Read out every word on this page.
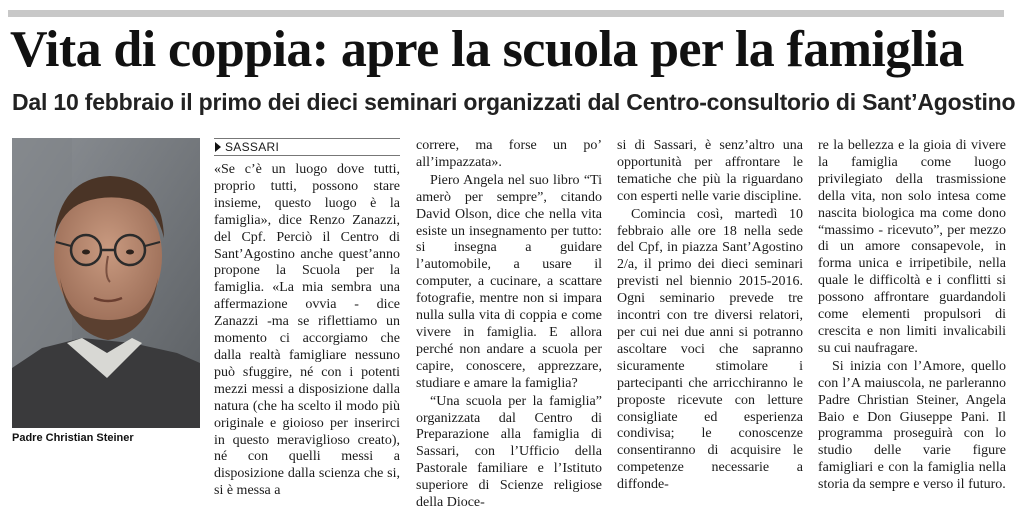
Vita di coppia: apre la scuola per la famiglia
Dal 10 febbraio il primo dei dieci seminari organizzati dal Centro-consultorio di Sant’Agostino
Padre Christian Steiner
SASSARI

«Se c’è un luogo dove tutti, proprio tutti, possono stare insieme, questo luogo è la famiglia», dice Renzo Zanazzi, del Cpf. Perciò il Centro di Sant’Agostino anche quest’anno propone la Scuola per la famiglia. «La mia sembra una affermazione ovvia - dice Zanazzi -ma se riflettiamo un momento ci accorgiamo che dalla realtà famigliare nessuno può sfuggire, né con i potenti mezzi messi a disposizione dalla natura (che ha scelto il modo più originale e gioioso per inserirci in questo meraviglioso creato), né con quelli messi a disposizione dalla scienza che si, si è messa a

correre, ma forse un po’ all’impazzata».

Piero Angela nel suo libro “Ti amerò per sempre”, citando David Olson, dice che nella vita esiste un insegnamento per tutto: si insegna a guidare l’automobile, a usare il computer, a cucinare, a scattare fotografie, mentre non si impara nulla sulla vita di coppia e come vivere in famiglia. E allora perché non andare a scuola per capire, conoscere, apprezzare, studiare e amare la famiglia?

“Una scuola per la famiglia” organizzata dal Centro di Preparazione alla famiglia di Sassari, con l’Ufficio della Pastorale familiare e l’Istituto superiore di Scienze religiose della Dioce-

si di Sassari, è senz’altro una opportunità per affrontare le tematiche che più la riguardano con esperti nelle varie discipline.

Comincia così, martedì 10 febbraio alle ore 18 nella sede del Cpf, in piazza Sant’Agostino 2/a, il primo dei dieci seminari previsti nel biennio 2015-2016. Ogni seminario prevede tre incontri con tre diversi relatori, per cui nei due anni si potranno ascoltare voci che sapranno sicuramente stimolare i partecipanti che arricchiranno le proposte ricevute con letture consigliate ed esperienza condivisa; le conoscenze consentiranno di acquisire le competenze necessarie a diffonde-

re la bellezza e la gioia di vivere la famiglia come luogo privilegiato della trasmissione della vita, non solo intesa come nascita biologica ma come dono “massimo - ricevuto”, per mezzo di un amore consapevole, in forma unica e irripetibile, nella quale le difficoltà e i conflitti si possono affrontare guardandoli come elementi propulsori di crescita e non limiti invalicabili su cui naufragare.

Si inizia con l’Amore, quello con l’A maiuscola, ne parleranno Padre Christian Steiner, Angela Baio e Don Giuseppe Pani. Il programma proseguirà con lo studio delle varie figure famigliari e con la famiglia nella storia da sempre e verso il futuro.
